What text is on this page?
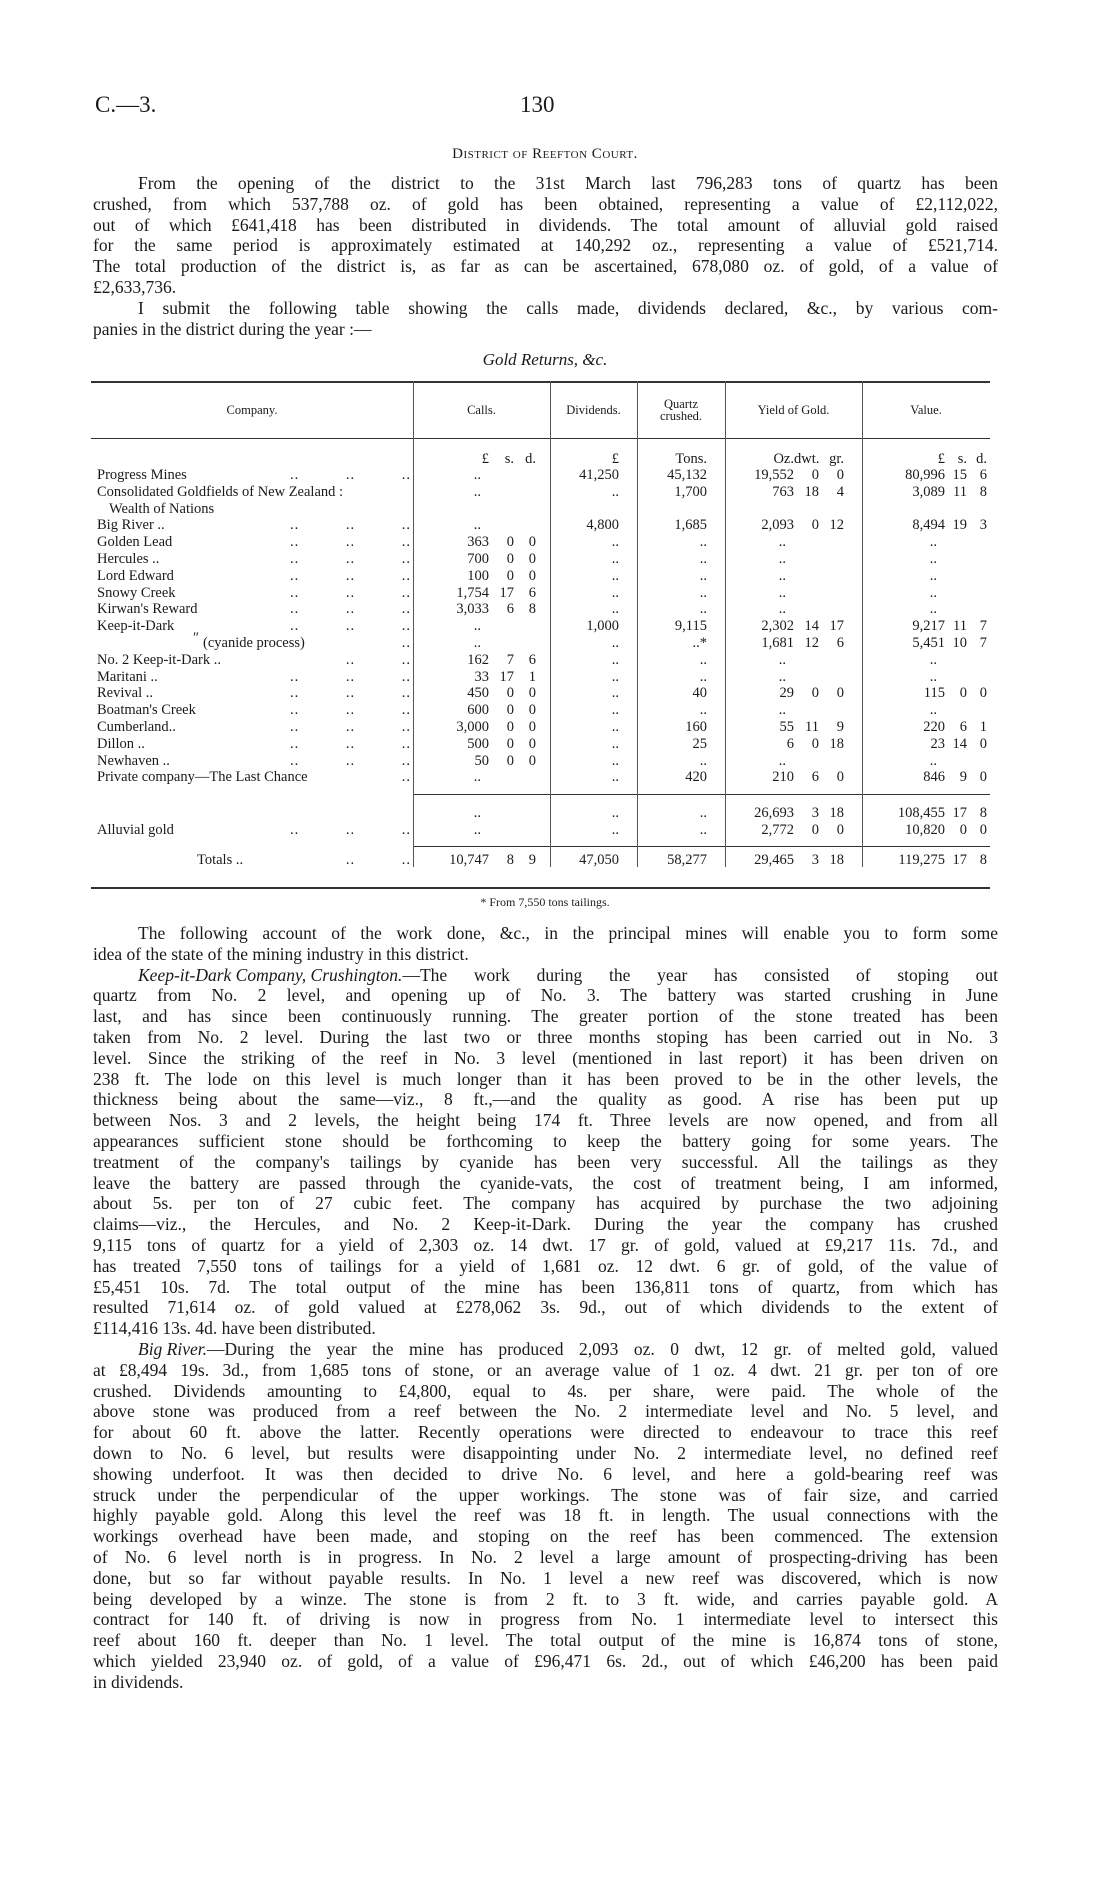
C.—3.	130
District of Reefton Court.
From the opening of the district to the 31st March last 796,283 tons of quartz has been
crushed, from which 537,788 oz. of gold has been obtained, representing a value of £2,112,022,
out of which £641,418 has been distributed in dividends. The total amount of alluvial gold raised
for the same period is approximately estimated at 140,292 oz., representing a value of £521,714.
The total production of the district is, as far as can be ascertained, 678,080 oz. of gold, of a value of
£2,633,736.
I submit the following table showing the calls made, dividends declared, &c., by various com-
panies in the district during the year :—
Gold Returns, &c.
Company.	Calls.	Dividends.	Quartz crushed.	Yield of Gold.	Value.
£ s. d.	£	Tons.	Oz.dwt. gr.	£ s. d.
Progress Mines	.. .. ..	..	41,250	45,132	19,552 0 0	80,996 15 6
Consolidated Goldfields of New Zealand :	..	..	1,700	763 18 4	3,089 11 8
Wealth of Nations
Big River ..	.. .. ..	..	4,800	1,685	2,093 0 12	8,494 19 3
Golden Lead	.. .. ..	363 0 0	..	..	..	..
Hercules ..	.. .. ..	700 0 0	..	..	..	..
Lord Edward	.. .. ..	100 0 0	..	..	..	..
Snowy Creek	.. .. ..	1,754 17 6	..	..	..	..
Kirwan's Reward	.. .. ..	3,033 6 8	..	..	..	..
Keep-it-Dark	.. .. ..	..	1,000	9,115	2,302 14 17	9,217 11 7
″ (cyanide process)	..	..	..	..*	1,681 12 6	5,451 10 7
No. 2 Keep-it-Dark ..	.. ..	162 7 6	..	..	..	..
Maritani ..	.. .. ..	33 17 1	..	..	..	..
Revival ..	.. .. ..	450 0 0	..	40	29 0 0	115 0 0
Boatman's Creek	.. .. ..	600 0 0	..	..	..	..
Cumberland..	.. .. ..	3,000 0 0	..	160	55 11 9	220 6 1
Dillon ..	.. .. ..	500 0 0	..	25	6 0 18	23 14 0
Newhaven ..	.. .. ..	50 0 0	..	..	..	..
Private company—The Last Chance	..	..	..	420	210 6 0	846 9 0
..	..	..	26,693 3 18	108,455 17 8
Alluvial gold	.. .. ..	..	..	..	2,772 0 0	10,820 0 0
Totals ..	.. ..	10,747 8 9	47,050	58,277	29,465 3 18	119,275 17 8
* From 7,550 tons tailings.
The following account of the work done, &c., in the principal mines will enable you to form some
idea of the state of the mining industry in this district.
Keep-it-Dark Company, Crushington. —The work during the year has consisted of stoping out
quartz from No. 2 level, and opening up of No. 3. The battery was started crushing in June
last, and has since been continuously running. The greater portion of the stone treated has been
taken from No. 2 level. During the last two or three months stoping has been carried out in No. 3
level. Since the striking of the reef in No. 3 level (mentioned in last report) it has been driven on
238 ft. The lode on this level is much longer than it has been proved to be in the other levels, the
thickness being about the same—viz., 8 ft.,—and the quality as good. A rise has been put up
between Nos. 3 and 2 levels, the height being 174 ft. Three levels are now opened, and from all
appearances sufficient stone should be forthcoming to keep the battery going for some years. The
treatment of the company's tailings by cyanide has been very successful. All the tailings as they
leave the battery are passed through the cyanide-vats, the cost of treatment being, I am informed,
about 5s. per ton of 27 cubic feet. The company has acquired by purchase the two adjoining
claims—viz., the Hercules, and No. 2 Keep-it-Dark. During the year the company has crushed
9,115 tons of quartz for a yield of 2,303 oz. 14 dwt. 17 gr. of gold, valued at £9,217 11s. 7d., and
has treated 7,550 tons of tailings for a yield of 1,681 oz. 12 dwt. 6 gr. of gold, of the value of
£5,451 10s. 7d. The total output of the mine has been 136,811 tons of quartz, from which has
resulted 71,614 oz. of gold valued at £278,062 3s. 9d., out of which dividends to the extent of
£114,416 13s. 4d. have been distributed.
Big River. —During the year the mine has produced 2,093 oz. 0 dwt, 12 gr. of melted gold, valued
at £8,494 19s. 3d., from 1,685 tons of stone, or an average value of 1 oz. 4 dwt. 21 gr. per ton of ore
crushed. Dividends amounting to £4,800, equal to 4s. per share, were paid. The whole of the
above stone was produced from a reef between the No. 2 intermediate level and No. 5 level, and
for about 60 ft. above the latter. Recently operations were directed to endeavour to trace this reef
down to No. 6 level, but results were disappointing under No. 2 intermediate level, no defined reef
showing underfoot. It was then decided to drive No. 6 level, and here a gold-bearing reef was
struck under the perpendicular of the upper workings. The stone was of fair size, and carried
highly payable gold. Along this level the reef was 18 ft. in length. The usual connections with the
workings overhead have been made, and stoping on the reef has been commenced. The extension
of No. 6 level north is in progress. In No. 2 level a large amount of prospecting-driving has been
done, but so far without payable results. In No. 1 level a new reef was discovered, which is now
being developed by a winze. The stone is from 2 ft. to 3 ft. wide, and carries payable gold. A
contract for 140 ft. of driving is now in progress from No. 1 intermediate level to intersect this
reef about 160 ft. deeper than No. 1 level. The total output of the mine is 16,874 tons of stone,
which yielded 23,940 oz. of gold, of a value of £96,471 6s. 2d., out of which £46,200 has been paid
in dividends.
